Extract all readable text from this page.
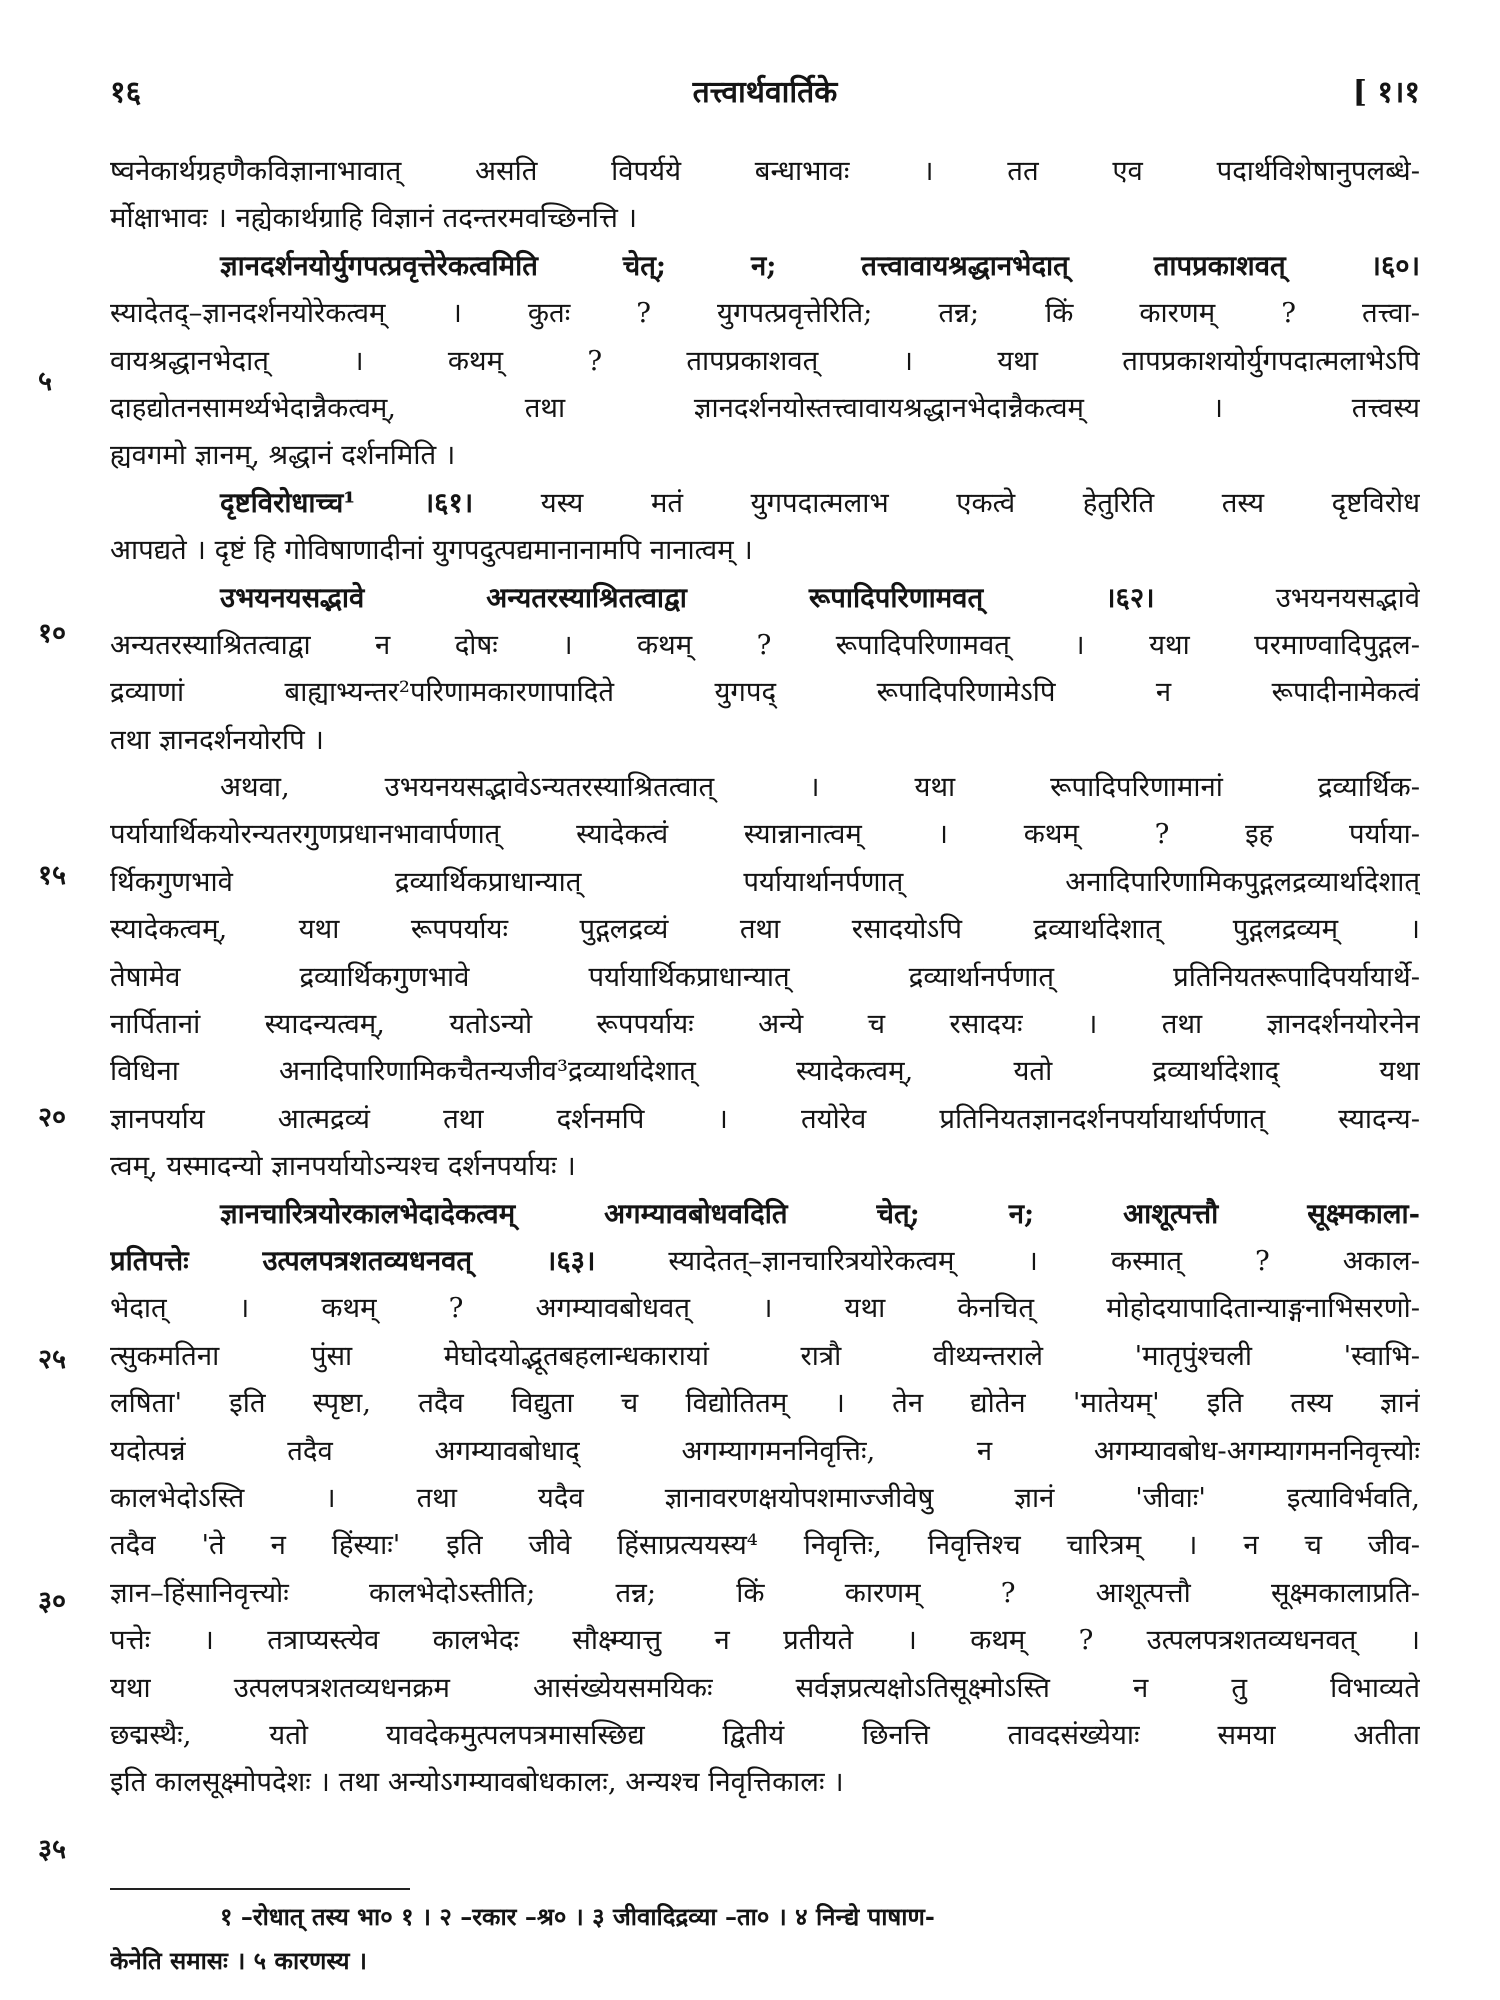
१६	तत्त्वार्थवार्तिके	[ १।१
५
१०
१५
२०
२५
३०
३५
ष्वनेकार्थग्रहणैकविज्ञानाभावात् असति विपर्यये बन्धाभावः । तत एव पदार्थविशेषानुपलब्धे-
र्मोक्षाभावः । नह्येकार्थग्राहि विज्ञानं तदन्तरमवच्छिनत्ति ।
ज्ञानदर्शनयोर्युगपत्प्रवृत्तेरेकत्वमिति चेत्; न; तत्त्वावायश्रद्धानभेदात् तापप्रकाशवत् ।६०।
स्यादेतद्–ज्ञानदर्शनयोरेकत्वम् । कुतः ? युगपत्प्रवृत्तेरिति; तन्न; किं कारणम् ? तत्त्वा-
वायश्रद्धानभेदात् । कथम् ? तापप्रकाशवत् । यथा तापप्रकाशयोर्युगपदात्मलाभेऽपि
दाहद्योतनसामर्थ्यभेदान्नैकत्वम्, तथा ज्ञानदर्शनयोस्तत्त्वावायश्रद्धानभेदान्नैकत्वम् । तत्त्वस्य
ह्यवगमो ज्ञानम्, श्रद्धानं दर्शनमिति ।
दृष्टविरोधाच्च¹ ।६१। यस्य मतं युगपदात्मलाभ एकत्वे हेतुरिति तस्य दृष्टविरोध
आपद्यते । दृष्टं हि गोविषाणादीनां युगपदुत्पद्यमानानामपि नानात्वम् ।
उभयनयसद्भावे अन्यतरस्याश्रितत्वाद्वा रूपादिपरिणामवत् ।६२। उभयनयसद्भावे
अन्यतरस्याश्रितत्वाद्वा न दोषः । कथम् ? रूपादिपरिणामवत् । यथा परमाण्वादिपुद्गल-
द्रव्याणां बाह्याभ्यन्तर²परिणामकारणापादिते युगपद् रूपादिपरिणामेऽपि न रूपादीनामेकत्वं
तथा ज्ञानदर्शनयोरपि ।
अथवा, उभयनयसद्भावेऽन्यतरस्याश्रितत्वात् । यथा रूपादिपरिणामानां द्रव्यार्थिक-
पर्यायार्थिकयोरन्यतरगुणप्रधानभावार्पणात् स्यादेकत्वं स्यान्नानात्वम् । कथम् ? इह पर्याया-
र्थिकगुणभावे द्रव्यार्थिकप्राधान्यात् पर्यायार्थानर्पणात् अनादिपारिणामिकपुद्गलद्रव्यार्थादेशात्
स्यादेकत्वम्, यथा रूपपर्यायः पुद्गलद्रव्यं तथा रसादयोऽपि द्रव्यार्थादेशात् पुद्गलद्रव्यम् ।
तेषामेव द्रव्यार्थिकगुणभावे पर्यायार्थिकप्राधान्यात् द्रव्यार्थानर्पणात् प्रतिनियतरूपादिपर्यायार्थे-
नार्पितानां स्यादन्यत्वम्, यतोऽन्यो रूपपर्यायः अन्ये च रसादयः । तथा ज्ञानदर्शनयोरनेन
विधिना अनादिपारिणामिकचैतन्यजीव³द्रव्यार्थादेशात् स्यादेकत्वम्, यतो द्रव्यार्थादेशाद् यथा
ज्ञानपर्याय आत्मद्रव्यं तथा दर्शनमपि । तयोरेव प्रतिनियतज्ञानदर्शनपर्यायार्थार्पणात् स्यादन्य-
त्वम्, यस्मादन्यो ज्ञानपर्यायोऽन्यश्च दर्शनपर्यायः ।
ज्ञानचारित्रयोरकालभेदादेकत्वम् अगम्यावबोधवदिति चेत्; न; आशूत्पत्तौ सूक्ष्मकाला-
प्रतिपत्तेः उत्पलपत्रशतव्यधनवत् ।६३। स्यादेतत्–ज्ञानचारित्रयोरेकत्वम् । कस्मात् ? अकाल-
भेदात् । कथम् ? अगम्यावबोधवत् । यथा केनचित् मोहोदयापादितान्याङ्गनाभिसरणो-
त्सुकमतिना पुंसा मेघोदयोद्भूतबहलान्धकारायां रात्रौ वीथ्यन्तराले 'मातृपुंश्चली 'स्वाभि-
लषिता' इति स्पृष्टा, तदैव विद्युता च विद्योतितम् । तेन द्योतेन 'मातेयम्' इति तस्य ज्ञानं
यदोत्पन्नं तदैव अगम्यावबोधाद् अगम्यागमननिवृत्तिः, न अगम्यावबोध-अगम्यागमननिवृत्त्योः
कालभेदोऽस्ति । तथा यदैव ज्ञानावरणक्षयोपशमाज्जीवेषु ज्ञानं 'जीवाः' इत्याविर्भवति,
तदैव 'ते न हिंस्याः' इति जीवे हिंसाप्रत्ययस्य⁴ निवृत्तिः, निवृत्तिश्च चारित्रम् । न च जीव-
ज्ञान–हिंसानिवृत्त्योः कालभेदोऽस्तीति; तन्न; किं कारणम् ? आशूत्पत्तौ सूक्ष्मकालाप्रति-
पत्तेः । तत्राप्यस्त्येव कालभेदः सौक्ष्म्यात्तु न प्रतीयते । कथम् ? उत्पलपत्रशतव्यधनवत् ।
यथा उत्पलपत्रशतव्यधनक्रम आसंख्येयसमयिकः सर्वज्ञप्रत्यक्षोऽतिसूक्ष्मोऽस्ति न तु विभाव्यते
छद्मस्थैः, यतो यावदेकमुत्पलपत्रमासस्छिद्य द्वितीयं छिनत्ति तावदसंख्येयाः समया अतीता
इति कालसूक्ष्मोपदेशः । तथा अन्योऽगम्यावबोधकालः, अन्यश्च निवृत्तिकालः ।
१ –रोधात् तस्य भा० १ । २ –रकार –श्र० । ३ जीवादिद्रव्या –ता० । ४ निन्द्ये पाषाण-
केनेति समासः । ५ कारणस्य ।
